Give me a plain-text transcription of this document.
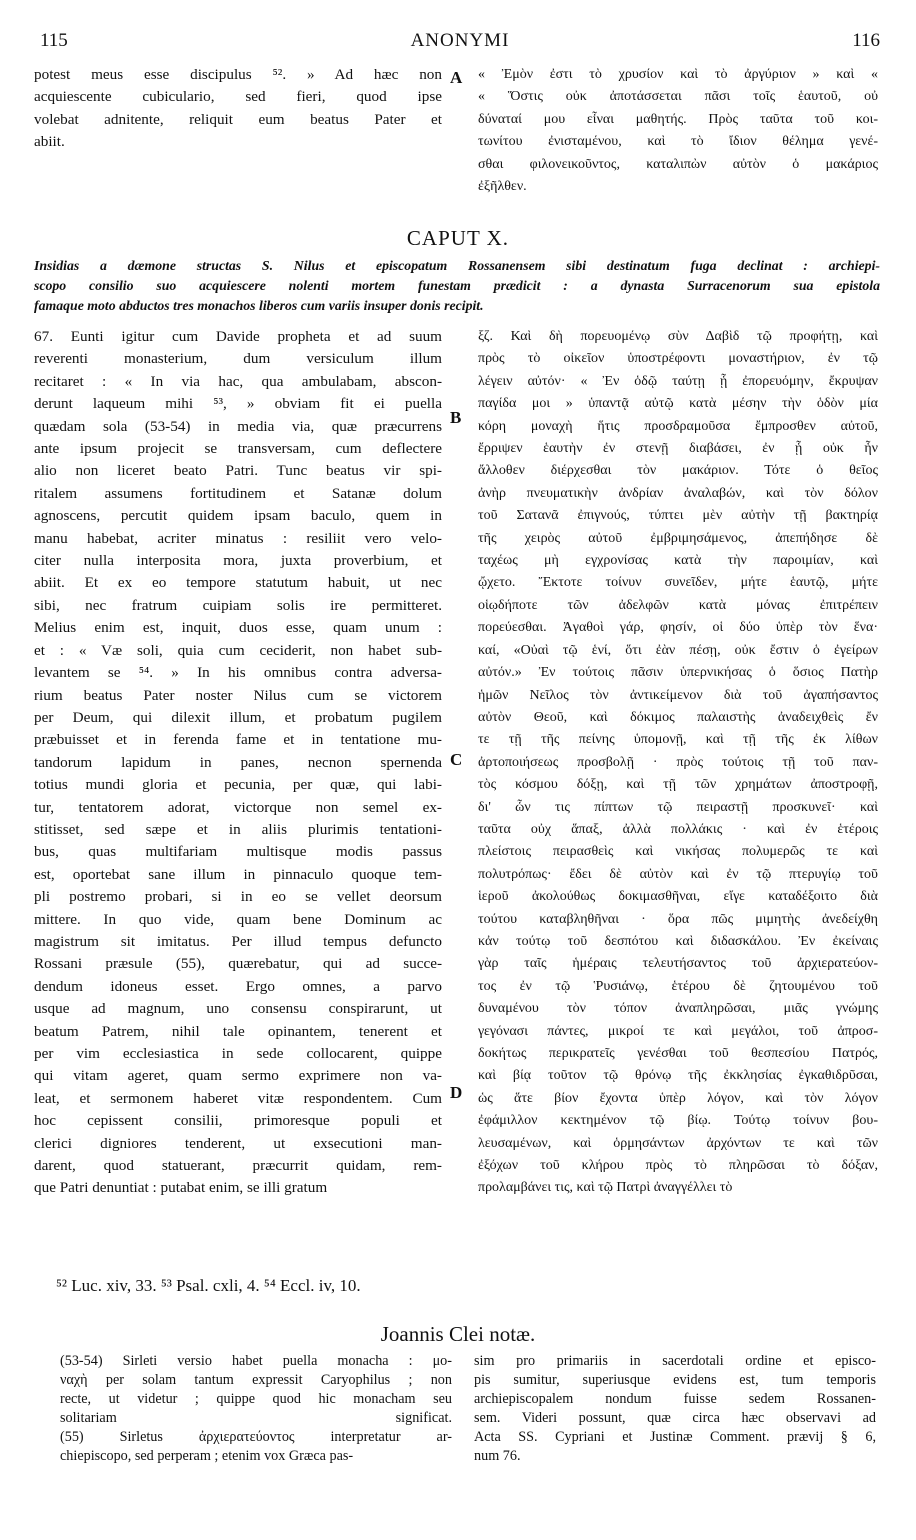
115	ANONYMI	116
potest meus esse discipulus ⁵². » Ad hæc non
acquiescente cubiculario, sed fieri, quod ipse
volebat adnitente, reliquit eum beatus Pater et
abiit.
« Ἐμὸν ἐστι τὸ χρυσίον καὶ τὸ ἀργύριον » καὶ «
« Ὅστις οὐκ ἀποτάσσεται πᾶσι τοῖς ἑαυτοῦ, οὐ
δύναταί μου εἶναι μαθητής. Πρὸς ταῦτα τοῦ κοι-
τωνίτου ἐνισταμένου, καὶ τὸ ἴδιον θέλημα γενέ-
σθαι φιλονεικοῦντος, καταλιπὼν αὐτὸν ὁ μακάριος
ἐξῆλθεν.
CAPUT X.
Insidias a dæmone structas S. Nilus et episcopatum Rossanensem sibi destinatum fuga declinat : archiepi-
scopo consilio suo acquiescere nolenti mortem funestam prædicit : a dynasta Surracenorum sua epistola
famaque moto abductos tres monachos liberos cum variis insuper donis recipit.
67. Eunti igitur cum Davide propheta et ad suum
reverenti monasterium, dum versiculum illum
recitaret : « In via hac, qua ambulabam, abscon-
derunt laqueum mihi ⁵³, » obviam fit ei puella
quædam sola (53-54) in media via, quæ præcurrens
ante ipsum projecit se transversam, cum deflectere
alio non liceret beato Patri. Tunc beatus vir spi-
ritalem assumens fortitudinem et Satanæ dolum
agnoscens, percutit quidem ipsam baculo, quem in
manu habebat, acriter minatus : resiliit vero velo-
citer nulla interposita mora, juxta proverbium, et
abiit. Et ex eo tempore statutum habuit, ut nec
sibi, nec fratrum cuipiam solis ire permitteret.
Melius enim est, inquit, duos esse, quam unum :
et : « Væ soli, quia cum ceciderit, non habet sub-
levantem se ⁵⁴. » In his omnibus contra adversa-
rium beatus Pater noster Nilus cum se victorem
per Deum, qui dilexit illum, et probatum pugilem
præbuisset et in ferenda fame et in tentatione mu-
tandorum lapidum in panes, necnon spernenda
totius mundi gloria et pecunia, per quæ, qui labi-
tur, tentatorem adorat, victorque non semel ex-
stitisset, sed sæpe et in aliis plurimis tentationi-
bus, quas multifariam multisque modis passus
est, oportebat sane illum in pinnaculo quoque tem-
pli postremo probari, si in eo se vellet deorsum
mittere. In quo vide, quam bene Dominum ac
magistrum sit imitatus. Per illud tempus defuncto
Rossani præsule (55), quærebatur, qui ad succe-
dendum idoneus esset. Ergo omnes, a parvo
usque ad magnum, uno consensu conspirarunt, ut
beatum Patrem, nihil tale opinantem, tenerent et
per vim ecclesiastica in sede collocarent, quippe
qui vitam ageret, quam sermo exprimere non va-
leat, et sermonem haberet vitæ respondentem. Cum
hoc cepissent consilii, primoresque populi et
clerici digniores tenderent, ut exsecutioni man-
darent, quod statuerant, præcurrit quidam, rem-
que Patri denuntiat : putabat enim, se illi gratum
ξζ. Καὶ δὴ πορευομένῳ σὺν Δαβὶδ τῷ προφήτῃ, καὶ
πρὸς τὸ οἰκεῖον ὑποστρέφοντι μοναστήριον, ἐν τῷ
λέγειν αὐτόν· « Ἐν ὁδῷ ταύτῃ ᾗ ἐπορευόμην, ἔκρυψαν
παγίδα μοι » ὑπαντᾷ αὐτῷ κατὰ μέσην τὴν ὁδὸν μία
κόρη μοναχὴ ἥτις προσδραμοῦσα ἔμπροσθεν αὐτοῦ,
ἔρριψεν ἑαυτὴν ἐν στενῇ διαβάσει, ἐν ᾗ οὐκ ἦν
ἄλλοθεν διέρχεσθαι τὸν μακάριον. Τότε ὁ θεῖος
ἀνὴρ πνευματικὴν ἀνδρίαν ἀναλαβών, καὶ τὸν δόλον
τοῦ Σατανᾶ ἐπιγνούς, τύπτει μὲν αὐτὴν τῇ βακτηρίᾳ
τῆς χειρὸς αὐτοῦ ἐμβριμησάμενος, ἀπεπήδησε δὲ
ταχέως μὴ εγχρονίσας κατὰ τὴν παροιμίαν, καὶ
ᾤχετο. Ἔκτοτε τοίνυν συνεῖδεν, μήτε ἑαυτῷ, μήτε
οἱῳδήποτε τῶν ἀδελφῶν κατὰ μόνας ἐπιτρέπειν
πορεύεσθαι. Ἀγαθοὶ γάρ, φησίν, οἱ δύο ὑπὲρ τὸν ἕνα·
καί, «Οὐαὶ τῷ ἑνί, ὅτι ἐὰν πέσῃ, οὐκ ἔστιν ὁ ἐγείρων
αὐτόν.» Ἐν τούτοις πᾶσιν ὑπερνικήσας ὁ ὅσιος Πατὴρ
ἡμῶν Νεῖλος τὸν ἀντικείμενον διὰ τοῦ ἀγαπήσαντος
αὐτὸν Θεοῦ, καὶ δόκιμος παλαιστὴς ἀναδειχθεὶς ἔν
τε τῇ τῆς πείνης ὑπομονῇ, καὶ τῇ τῆς ἐκ λίθων
ἀρτοποιήσεως προσβολῇ · πρὸς τούτοις τῇ τοῦ παν-
τὸς κόσμου δόξῃ, καὶ τῇ τῶν χρημάτων ἀποστροφῇ,
δι' ὧν τις πίπτων τῷ πειραστῇ προσκυνεῖ· καὶ
ταῦτα οὐχ ἅπαξ, ἀλλὰ πολλάκις · καὶ ἐν ἑτέροις
πλείστοις πειρασθεὶς καὶ νικήσας πολυμερῶς τε καὶ
πολυτρόπως· ἔδει δὲ αὐτὸν καὶ ἐν τῷ πτερυγίῳ τοῦ
ἱεροῦ ἀκολούθως δοκιμασθῆναι, εἴγε καταδέξοιτο διὰ
τούτου καταβληθῆναι · ὅρα πῶς μιμητὴς ἀνεδείχθη
κἀν τούτῳ τοῦ δεσπότου καὶ διδασκάλου. Ἐν ἐκείναις
γὰρ ταῖς ἡμέραις τελευτήσαντος τοῦ ἀρχιερατεύον-
τος ἐν τῷ Ῥυσιάνῳ, ἑτέρου δὲ ζητουμένου τοῦ
δυναμένου τὸν τόπον ἀναπληρῶσαι, μιᾶς γνώμης
γεγόνασι πάντες, μικροί τε καὶ μεγάλοι, τοῦ ἀπροσ-
δοκήτως περικρατεῖς γενέσθαι τοῦ θεσπεσίου Πατρός,
καὶ βίᾳ τοῦτον τῷ θρόνῳ τῆς ἐκκλησίας ἐγκαθιδρῦσαι,
ὡς ἅτε βίον ἔχοντα ὑπὲρ λόγον, καὶ τὸν λόγον
ἐφάμιλλον κεκτημένον τῷ βίῳ. Τούτῳ τοίνυν βου-
λευσαμένων, καὶ ὁρμησάντων ἀρχόντων τε καὶ τῶν
ἐξόχων τοῦ κλήρου πρὸς τὸ πληρῶσαι τὸ δόξαν,
προλαμβάνει τις, καὶ τῷ Πατρὶ ἀναγγέλλει τὸ
A
B
C
D
⁵² Luc. xiv, 33. ⁵³ Psal. cxli, 4. ⁵⁴ Eccl. iv, 10.
Joannis Clei notæ.
(53-54) Sirleti versio habet puella monacha : μο-
ναχὴ per solam tantum expressit Caryophilus ; non
recte, ut videtur ; quippe quod hic monacham seu
solitariam significat.
(55) Sirletus ἀρχιερατεύοντος interpretatur ar-
chiepiscopo, sed perperam ; etenim vox Græca pas-
sim pro primariis in sacerdotali ordine et episco-
pis sumitur, superiusque evidens est, tum temporis
archiepiscopalem nondum fuisse sedem Rossanen-
sem. Videri possunt, quæ circa hæc observavi ad
Acta SS. Cypriani et Justinæ Comment. prævij § 6,
num 76.
